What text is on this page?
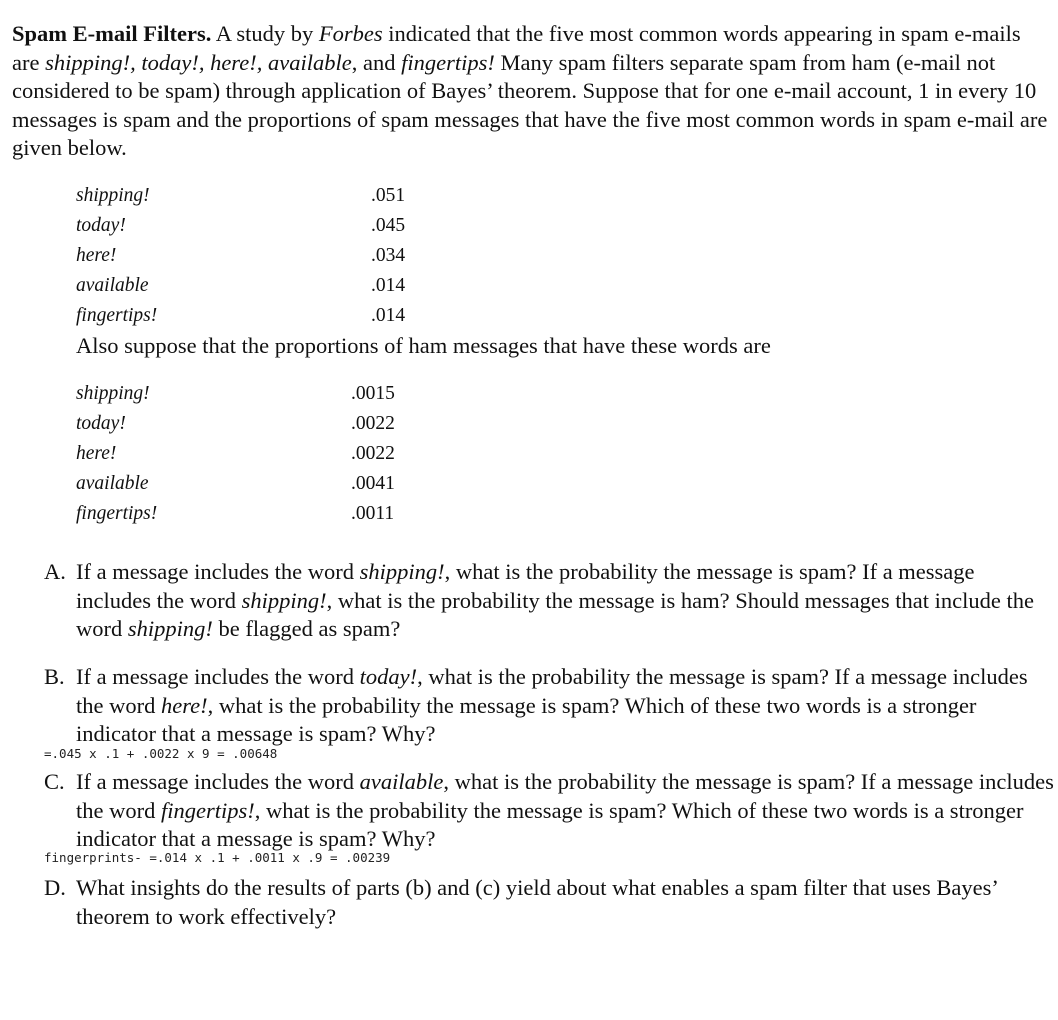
Spam E-mail Filters. A study by Forbes indicated that the five most common words appearing in spam e-mails are shipping!, today!, here!, available, and fingertips! Many spam filters separate spam from ham (e-mail not considered to be spam) through application of Bayes’ theorem. Suppose that for one e-mail account, 1 in every 10 messages is spam and the proportions of spam messages that have the five most common words in spam e-mail are given below.

shipping!	.051
today!	.045
here!	.034
available	.014
fingertips!	.014

Also suppose that the proportions of ham messages that have these words are

shipping!	.0015
today!	.0022
here!	.0022
available	.0041
fingertips!	.0011
A. If a message includes the word shipping!, what is the probability the message is spam? If a message includes the word shipping!, what is the probability the message is ham? Should messages that include the word shipping! be flagged as spam?
B. If a message includes the word today!, what is the probability the message is spam? If a message includes the word here!, what is the probability the message is spam? Which of these two words is a stronger indicator that a message is spam? Why?

=.045 x .1 + .0022 x 9 = .00648

C. If a message includes the word available, what is the probability the message is spam? If a message includes the word fingertips!, what is the probability the message is spam? Which of these two words is a stronger indicator that a message is spam? Why?

fingerprints- =.014 x .1 + .0011 x .9 = .00239

D. What insights do the results of parts (b) and (c) yield about what enables a spam filter that uses Bayes’ theorem to work effectively?
